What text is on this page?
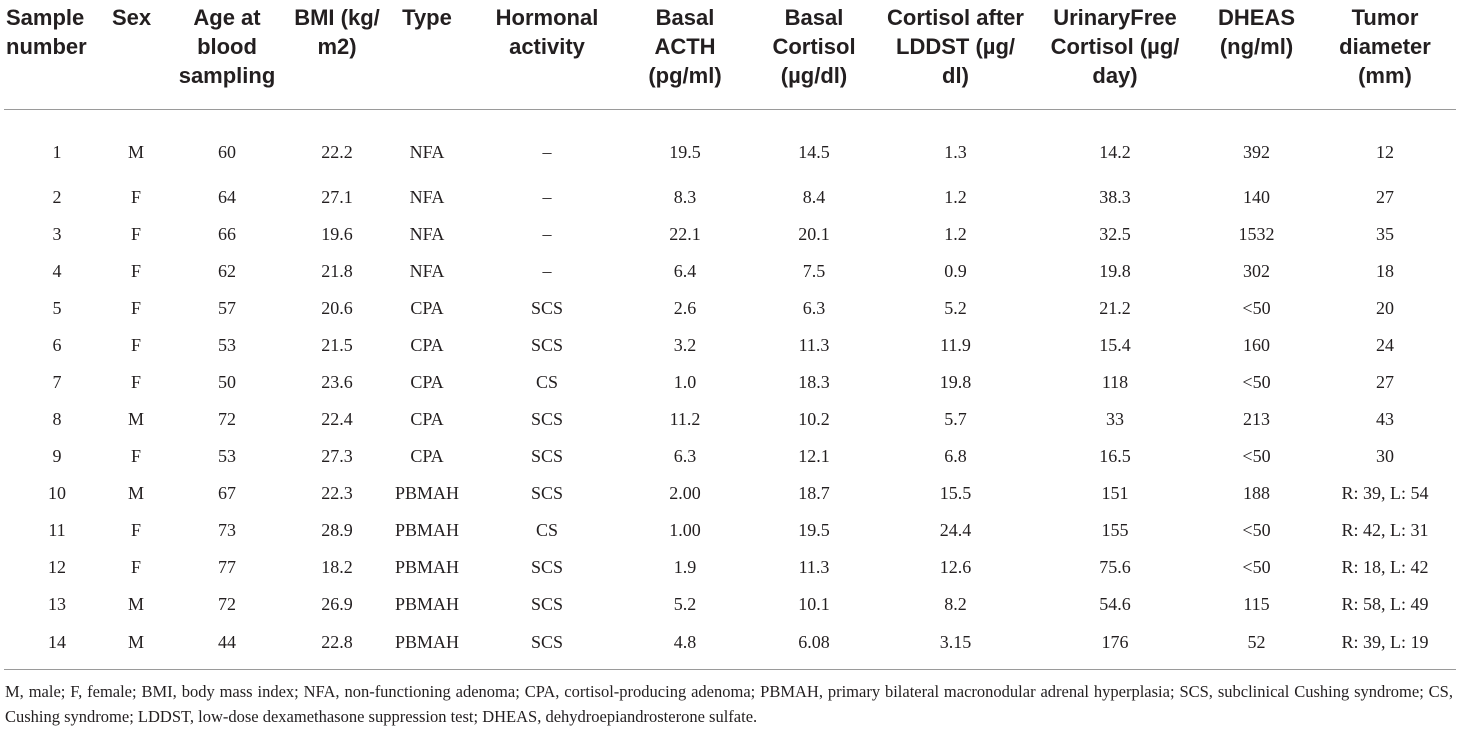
Sample number	Sex	Age at blood sampling	BMI (kg/ m2)	Type	Hormonal activity	Basal ACTH (pg/ml)	Basal Cortisol (µg/dl)	Cortisol after LDDST (µg/ dl)	UrinaryFree Cortisol (µg/ day)	DHEAS (ng/ml)	Tumor diameter (mm)
1	M	60	22.2	NFA	–	19.5	14.5	1.3	14.2	392	12
2	F	64	27.1	NFA	–	8.3	8.4	1.2	38.3	140	27
3	F	66	19.6	NFA	–	22.1	20.1	1.2	32.5	1532	35
4	F	62	21.8	NFA	–	6.4	7.5	0.9	19.8	302	18
5	F	57	20.6	CPA	SCS	2.6	6.3	5.2	21.2	<50	20
6	F	53	21.5	CPA	SCS	3.2	11.3	11.9	15.4	160	24
7	F	50	23.6	CPA	CS	1.0	18.3	19.8	118	<50	27
8	M	72	22.4	CPA	SCS	11.2	10.2	5.7	33	213	43
9	F	53	27.3	CPA	SCS	6.3	12.1	6.8	16.5	<50	30
10	M	67	22.3	PBMAH	SCS	2.00	18.7	15.5	151	188	R: 39, L: 54
11	F	73	28.9	PBMAH	CS	1.00	19.5	24.4	155	<50	R: 42, L: 31
12	F	77	18.2	PBMAH	SCS	1.9	11.3	12.6	75.6	<50	R: 18, L: 42
13	M	72	26.9	PBMAH	SCS	5.2	10.1	8.2	54.6	115	R: 58, L: 49
14	M	44	22.8	PBMAH	SCS	4.8	6.08	3.15	176	52	R: 39, L: 19
M, male; F, female; BMI, body mass index; NFA, non-functioning adenoma; CPA, cortisol-producing adenoma; PBMAH, primary bilateral macronodular adrenal hyperplasia; SCS, subclinical Cushing syndrome; CS, Cushing syndrome; LDDST, low-dose dexamethasone suppression test; DHEAS, dehydroepiandrosterone sulfate.
